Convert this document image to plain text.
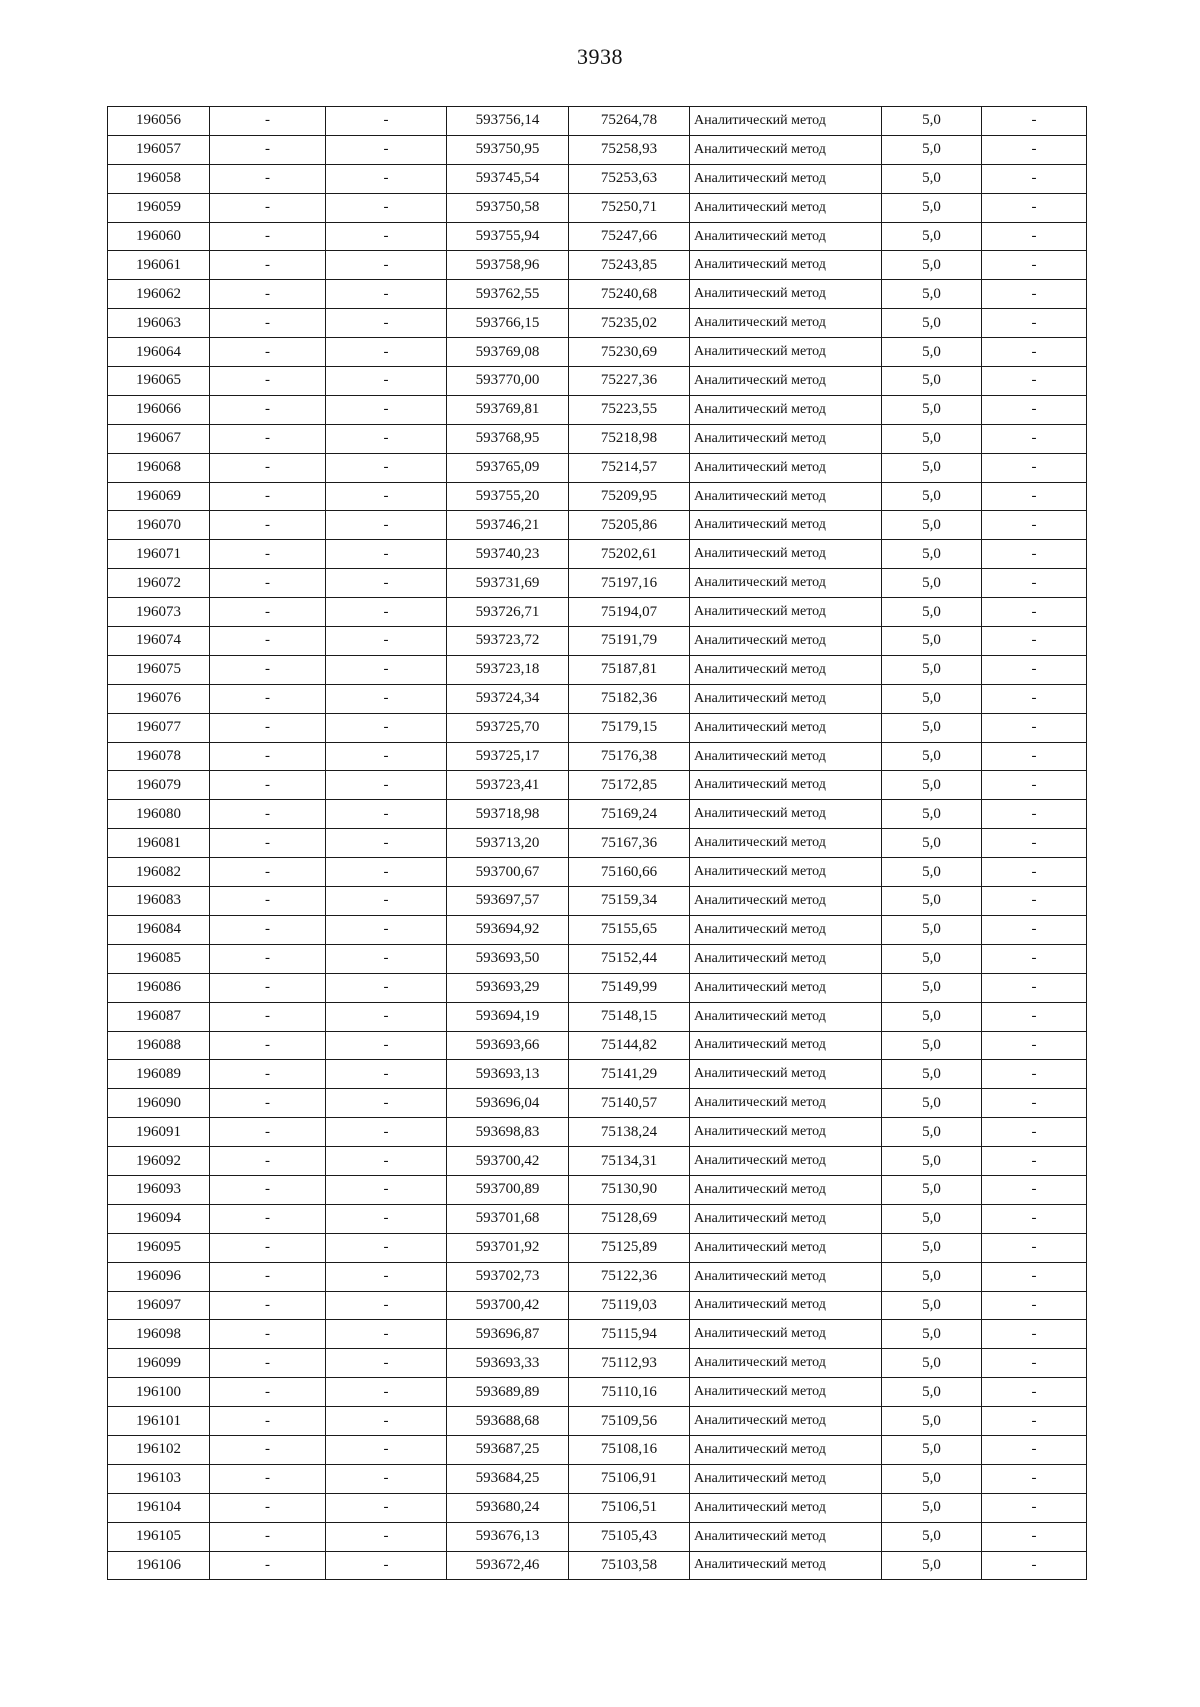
3938
196056	-	-	593756,14	75264,78	Аналитический метод	5,0	-
196057	-	-	593750,95	75258,93	Аналитический метод	5,0	-
196058	-	-	593745,54	75253,63	Аналитический метод	5,0	-
196059	-	-	593750,58	75250,71	Аналитический метод	5,0	-
196060	-	-	593755,94	75247,66	Аналитический метод	5,0	-
196061	-	-	593758,96	75243,85	Аналитический метод	5,0	-
196062	-	-	593762,55	75240,68	Аналитический метод	5,0	-
196063	-	-	593766,15	75235,02	Аналитический метод	5,0	-
196064	-	-	593769,08	75230,69	Аналитический метод	5,0	-
196065	-	-	593770,00	75227,36	Аналитический метод	5,0	-
196066	-	-	593769,81	75223,55	Аналитический метод	5,0	-
196067	-	-	593768,95	75218,98	Аналитический метод	5,0	-
196068	-	-	593765,09	75214,57	Аналитический метод	5,0	-
196069	-	-	593755,20	75209,95	Аналитический метод	5,0	-
196070	-	-	593746,21	75205,86	Аналитический метод	5,0	-
196071	-	-	593740,23	75202,61	Аналитический метод	5,0	-
196072	-	-	593731,69	75197,16	Аналитический метод	5,0	-
196073	-	-	593726,71	75194,07	Аналитический метод	5,0	-
196074	-	-	593723,72	75191,79	Аналитический метод	5,0	-
196075	-	-	593723,18	75187,81	Аналитический метод	5,0	-
196076	-	-	593724,34	75182,36	Аналитический метод	5,0	-
196077	-	-	593725,70	75179,15	Аналитический метод	5,0	-
196078	-	-	593725,17	75176,38	Аналитический метод	5,0	-
196079	-	-	593723,41	75172,85	Аналитический метод	5,0	-
196080	-	-	593718,98	75169,24	Аналитический метод	5,0	-
196081	-	-	593713,20	75167,36	Аналитический метод	5,0	-
196082	-	-	593700,67	75160,66	Аналитический метод	5,0	-
196083	-	-	593697,57	75159,34	Аналитический метод	5,0	-
196084	-	-	593694,92	75155,65	Аналитический метод	5,0	-
196085	-	-	593693,50	75152,44	Аналитический метод	5,0	-
196086	-	-	593693,29	75149,99	Аналитический метод	5,0	-
196087	-	-	593694,19	75148,15	Аналитический метод	5,0	-
196088	-	-	593693,66	75144,82	Аналитический метод	5,0	-
196089	-	-	593693,13	75141,29	Аналитический метод	5,0	-
196090	-	-	593696,04	75140,57	Аналитический метод	5,0	-
196091	-	-	593698,83	75138,24	Аналитический метод	5,0	-
196092	-	-	593700,42	75134,31	Аналитический метод	5,0	-
196093	-	-	593700,89	75130,90	Аналитический метод	5,0	-
196094	-	-	593701,68	75128,69	Аналитический метод	5,0	-
196095	-	-	593701,92	75125,89	Аналитический метод	5,0	-
196096	-	-	593702,73	75122,36	Аналитический метод	5,0	-
196097	-	-	593700,42	75119,03	Аналитический метод	5,0	-
196098	-	-	593696,87	75115,94	Аналитический метод	5,0	-
196099	-	-	593693,33	75112,93	Аналитический метод	5,0	-
196100	-	-	593689,89	75110,16	Аналитический метод	5,0	-
196101	-	-	593688,68	75109,56	Аналитический метод	5,0	-
196102	-	-	593687,25	75108,16	Аналитический метод	5,0	-
196103	-	-	593684,25	75106,91	Аналитический метод	5,0	-
196104	-	-	593680,24	75106,51	Аналитический метод	5,0	-
196105	-	-	593676,13	75105,43	Аналитический метод	5,0	-
196106	-	-	593672,46	75103,58	Аналитический метод	5,0	-
